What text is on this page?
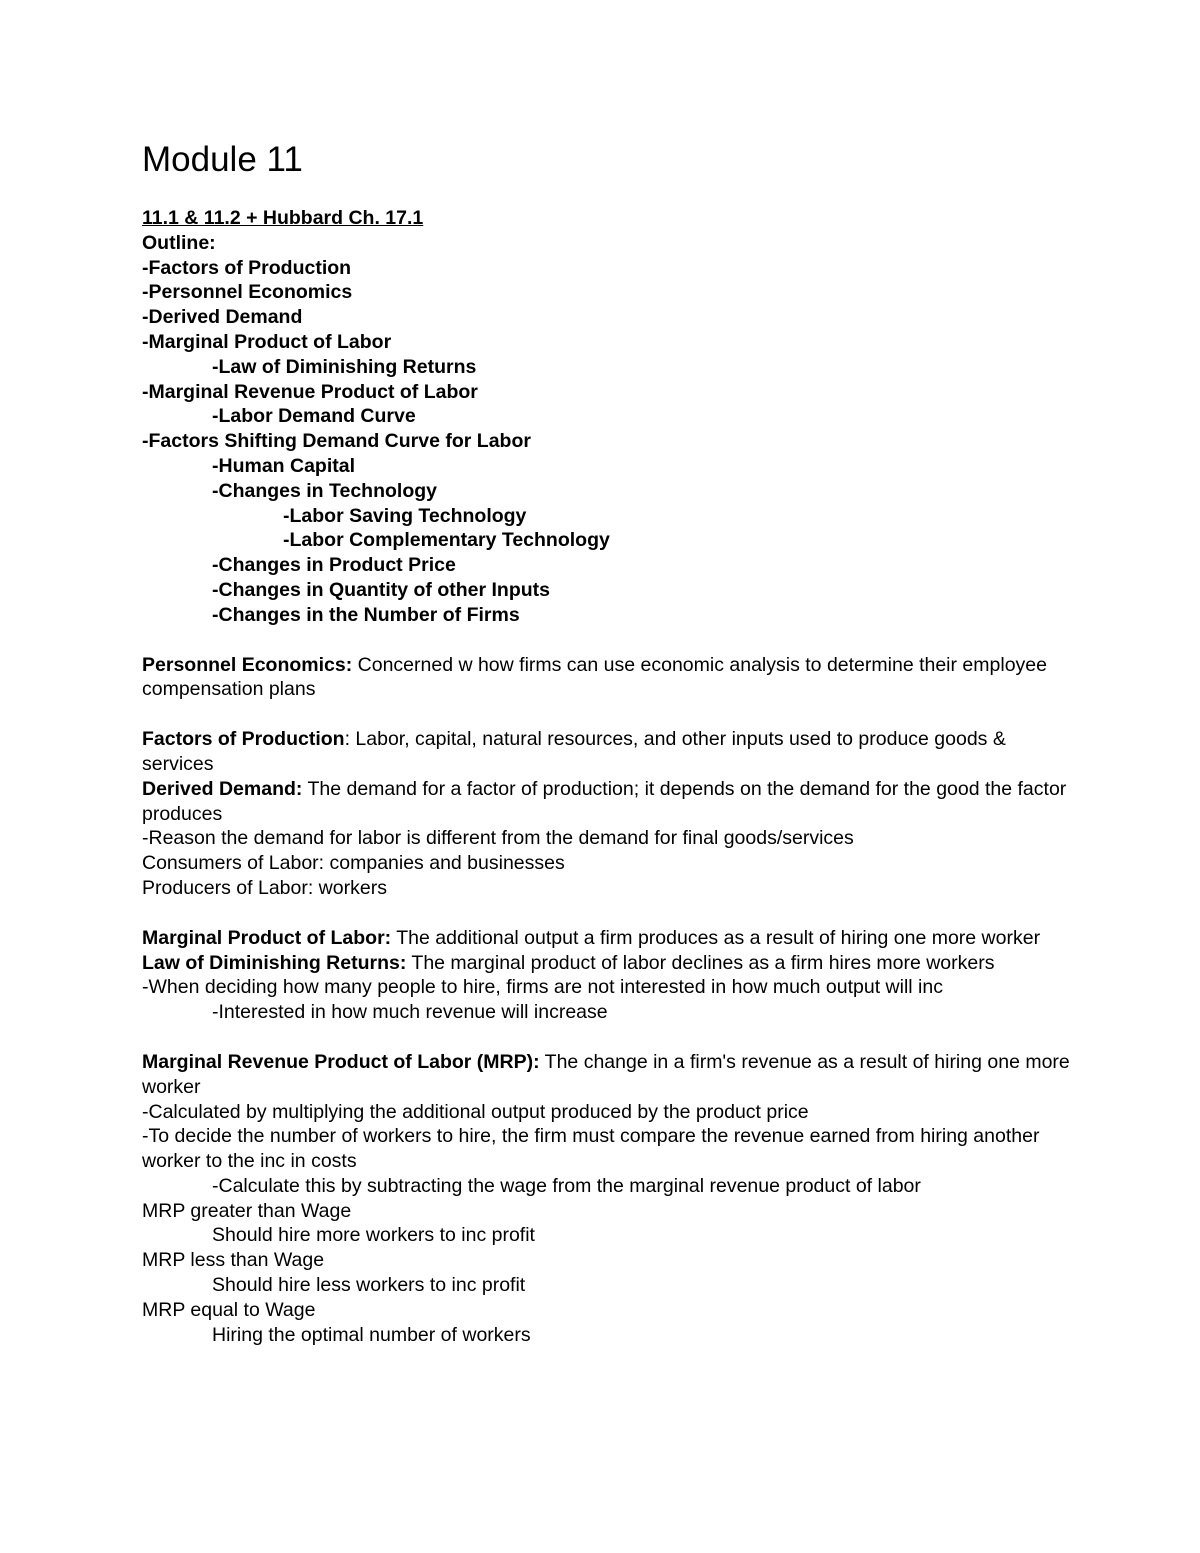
Module 11
11.1 & 11.2 + Hubbard Ch. 17.1
Outline:
-Factors of Production
-Personnel Economics
-Derived Demand
-Marginal Product of Labor
-Law of Diminishing Returns
-Marginal Revenue Product of Labor
-Labor Demand Curve
-Factors Shifting Demand Curve for Labor
-Human Capital
-Changes in Technology
-Labor Saving Technology
-Labor Complementary Technology
-Changes in Product Price
-Changes in Quantity of other Inputs
-Changes in the Number of Firms
Personnel Economics: Concerned w how firms can use economic analysis to determine their employee compensation plans
Factors of Production: Labor, capital, natural resources, and other inputs used to produce goods & services
Derived Demand: The demand for a factor of production; it depends on the demand for the good the factor produces
-Reason the demand for labor is different from the demand for final goods/services
Consumers of Labor: companies and businesses
Producers of Labor: workers
Marginal Product of Labor: The additional output a firm produces as a result of hiring one more worker
Law of Diminishing Returns: The marginal product of labor declines as a firm hires more workers
-When deciding how many people to hire, firms are not interested in how much output will inc
-Interested in how much revenue will increase
Marginal Revenue Product of Labor (MRP): The change in a firm's revenue as a result of hiring one more worker
-Calculated by multiplying the additional output produced by the product price
-To decide the number of workers to hire, the firm must compare the revenue earned from hiring another worker to the inc in costs
-Calculate this by subtracting the wage from the marginal revenue product of labor
MRP greater than Wage
Should hire more workers to inc profit
MRP less than Wage
Should hire less workers to inc profit
MRP equal to Wage
Hiring the optimal number of workers
